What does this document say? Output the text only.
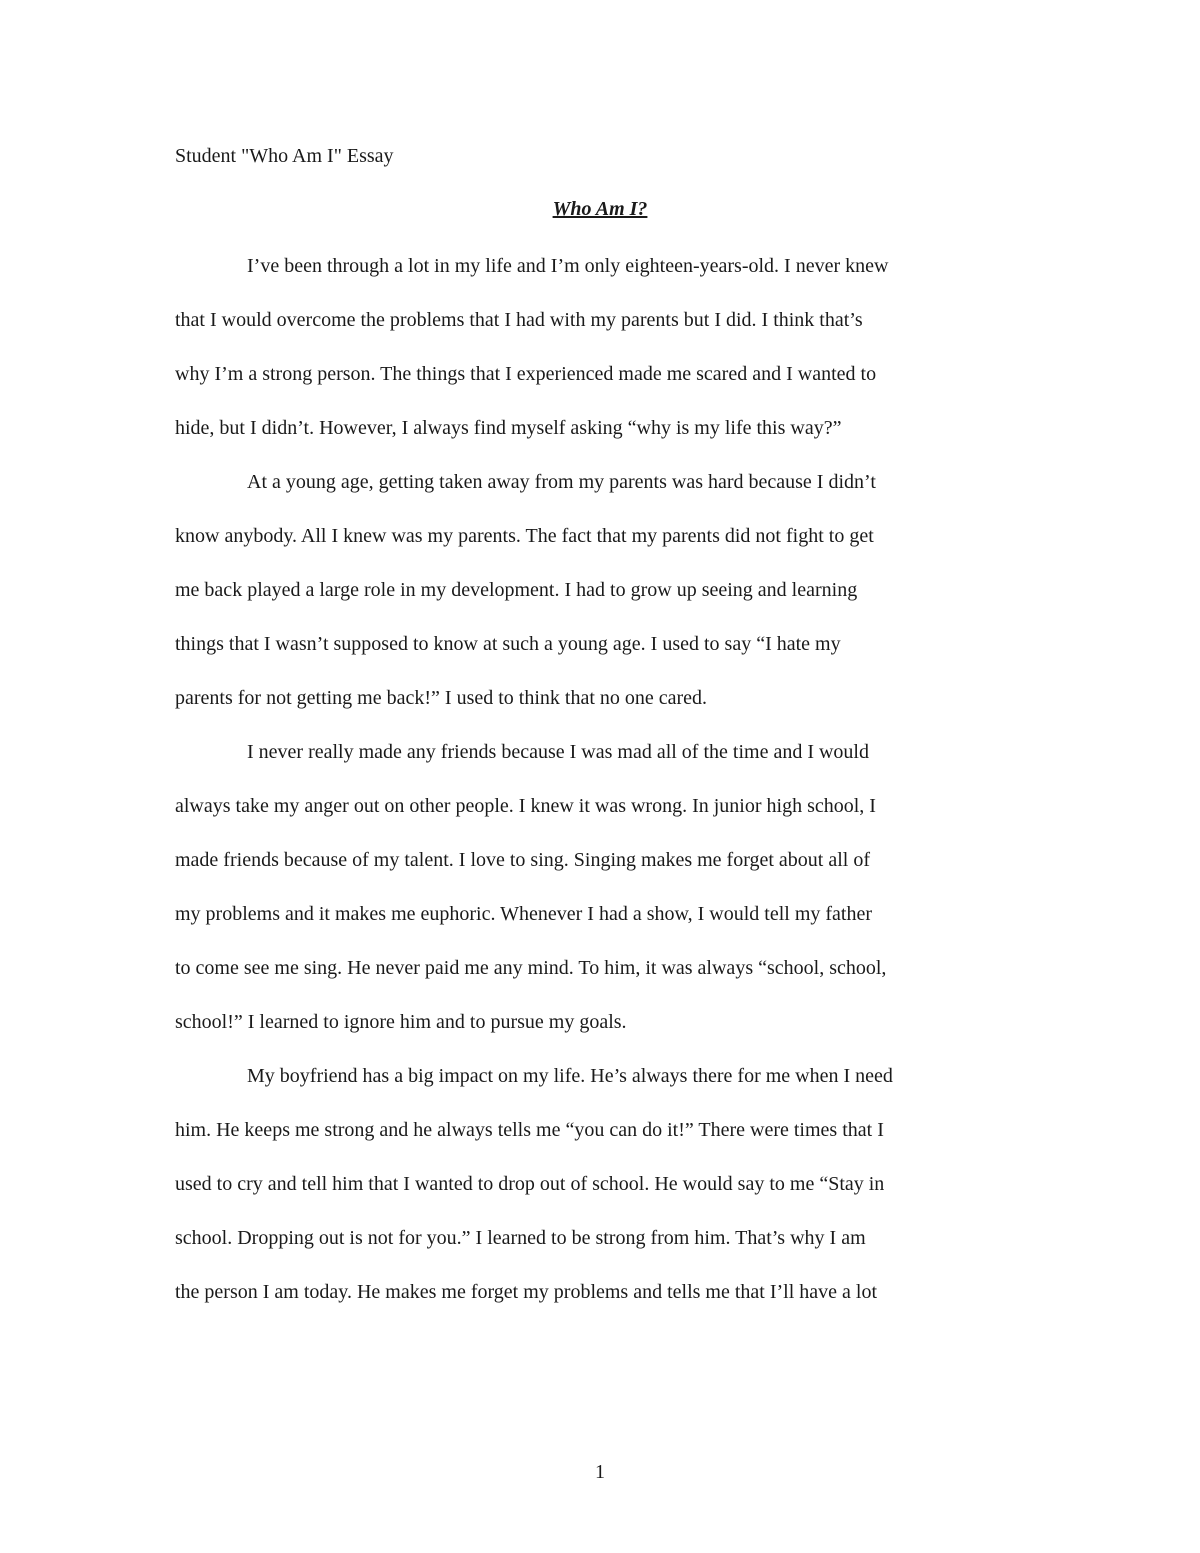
Student "Who Am I" Essay
Who Am I?
I’ve been through a lot in my life and I’m only eighteen-years-old. I never knew
that I would overcome the problems that I had with my parents but I did. I think that’s
why I’m a strong person. The things that I experienced made me scared and I wanted to
hide, but I didn’t. However, I always find myself asking “why is my life this way?”
At a young age, getting taken away from my parents was hard because I didn’t
know anybody. All I knew was my parents. The fact that my parents did not fight to get
me back played a large role in my development. I had to grow up seeing and learning
things that I wasn’t supposed to know at such a young age. I used to say “I hate my
parents for not getting me back!” I used to think that no one cared.
I never really made any friends because I was mad all of the time and I would
always take my anger out on other people. I knew it was wrong. In junior high school, I
made friends because of my talent. I love to sing. Singing makes me forget about all of
my problems and it makes me euphoric. Whenever I had a show, I would tell my father
to come see me sing. He never paid me any mind. To him, it was always “school, school,
school!” I learned to ignore him and to pursue my goals.
My boyfriend has a big impact on my life. He’s always there for me when I need
him. He keeps me strong and he always tells me “you can do it!” There were times that I
used to cry and tell him that I wanted to drop out of school. He would say to me “Stay in
school. Dropping out is not for you.” I learned to be strong from him. That’s why I am
the person I am today. He makes me forget my problems and tells me that I’ll have a lot
1
